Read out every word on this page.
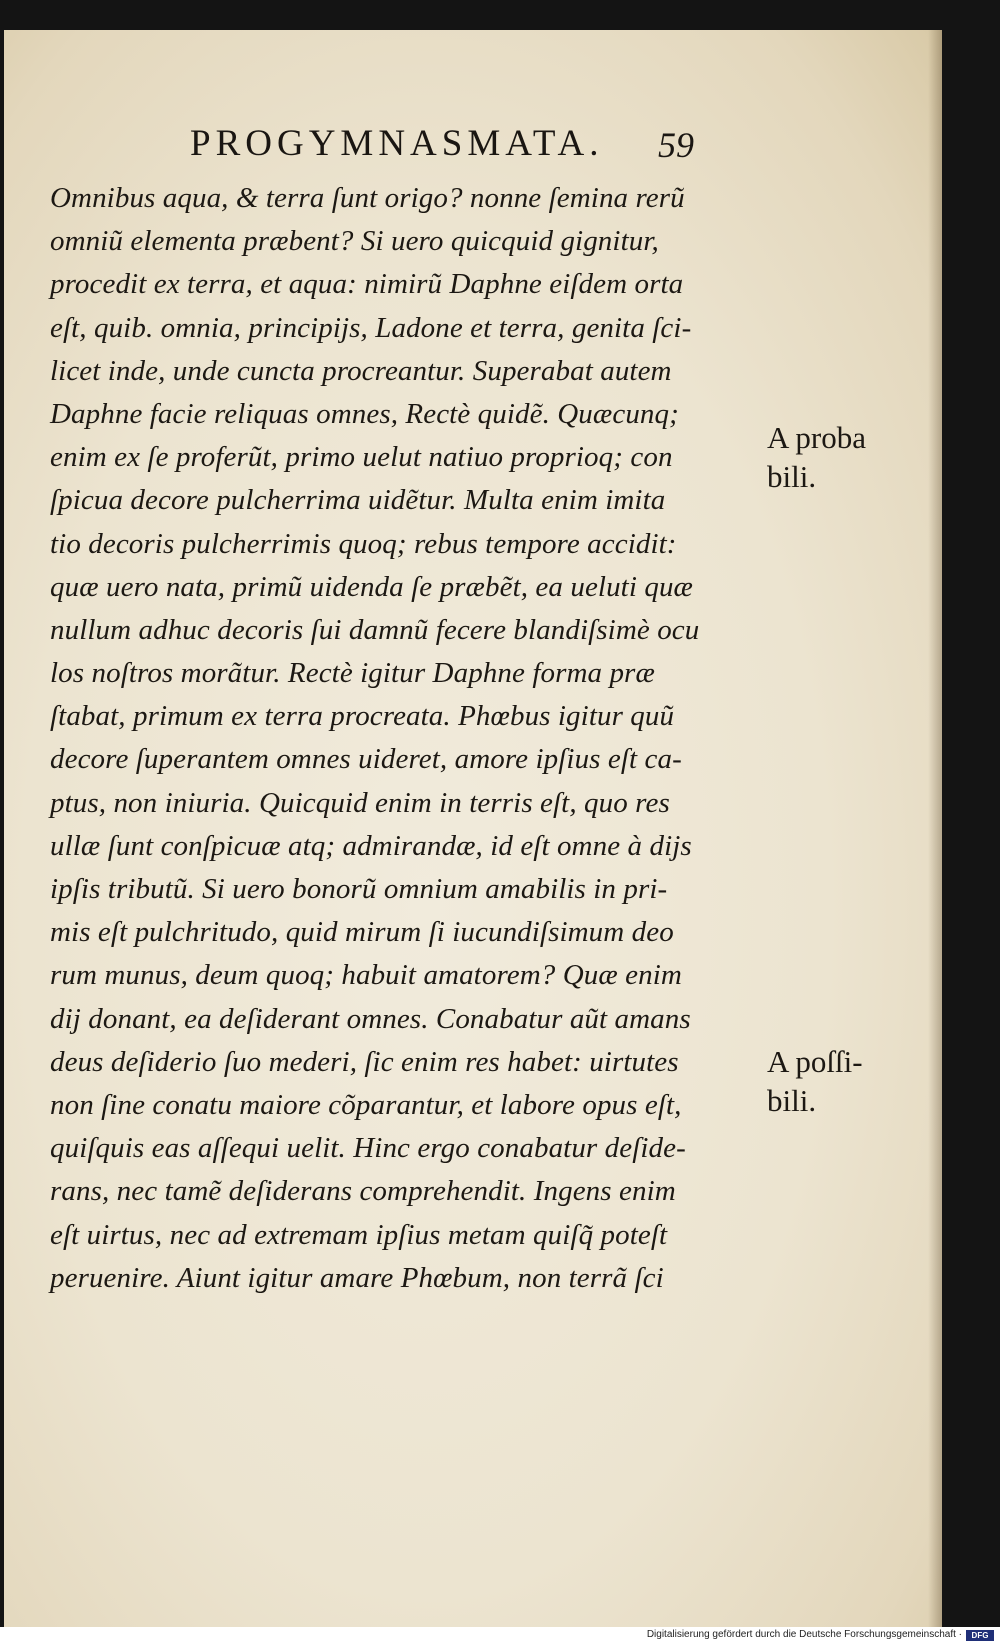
PROGYMNASMATA.	59
Omnibus aqua, & terra ſunt origo? nonne ſemina rerũ
omniũ elementa præbent? Si uero quicquid gignitur,
procedit ex terra, et aqua: nimirũ Daphne eiſdem orta
eſt, quib. omnia, principijs, Ladone et terra, genita ſci-
licet inde, unde cuncta procreantur. Superabat autem
Daphne facie reliquas omnes, Rectè quidẽ. Quæcunq;
enim ex ſe proferũt, primo uelut natiuo proprioq; con
ſpicua decore pulcherrima uidẽtur. Multa enim imita
tio decoris pulcherrimis quoq; rebus tempore accidit:
quæ uero nata, primũ uidenda ſe præbẽt, ea ueluti quæ
nullum adhuc decoris ſui damnũ fecere blandiſsimè ocu
los noſtros morãtur. Rectè igitur Daphne forma præ
ſtabat, primum ex terra procreata. Phœbus igitur quũ
decore ſuperantem omnes uideret, amore ipſius eſt ca-
ptus, non iniuria. Quicquid enim in terris eſt, quo res
ullæ ſunt conſpicuæ atq; admirandæ, id eſt omne à dijs
ipſis tributũ. Si uero bonorũ omnium amabilis in pri-
mis eſt pulchritudo, quid mirum ſi iucundiſsimum deo
rum munus, deum quoq; habuit amatorem? Quæ enim
dij donant, ea deſiderant omnes. Conabatur aũt amans
deus deſiderio ſuo mederi, ſic enim res habet: uirtutes
non ſine conatu maiore cõparantur, et labore opus eſt,
quiſquis eas aſſequi uelit. Hinc ergo conabatur deſide-
rans, nec tamẽ deſiderans comprehendit. Ingens enim
eſt uirtus, nec ad extremam ipſius metam quiſq̃ poteſt
peruenire. Aiunt igitur amare Phœbum, non terrã ſci
A proba
bili.
A poſſi-
bili.
Digitalisierung gefördert durch die Deutsche Forschungsgemeinschaft ·	DFG
